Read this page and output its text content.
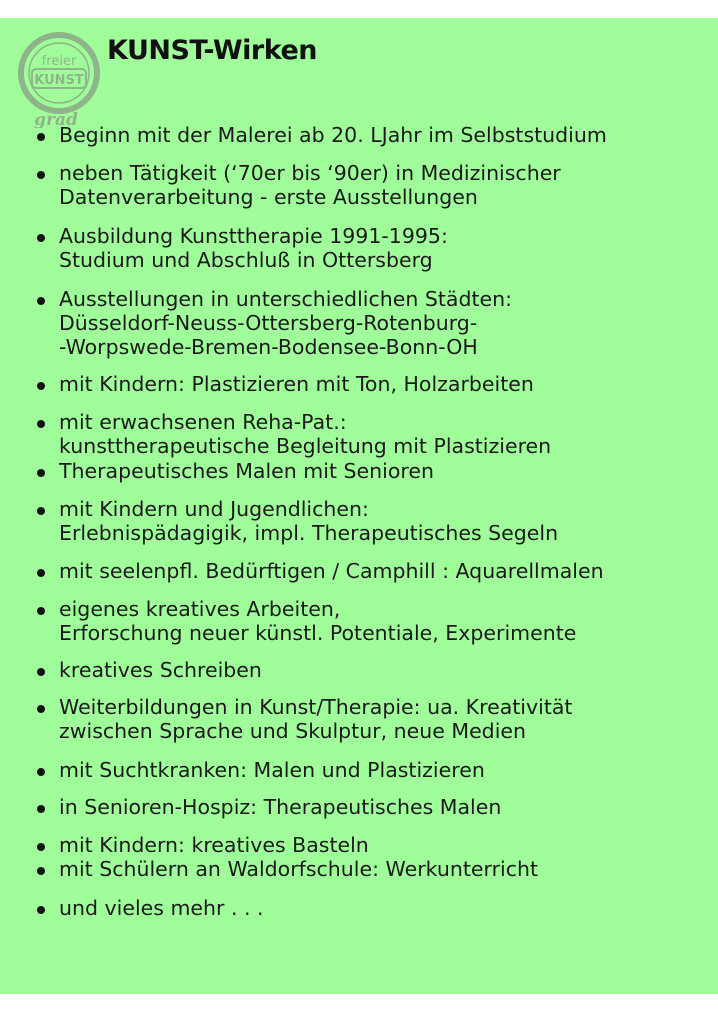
freier
KUNST
grad
KUNST-Wirken
Beginn mit der Malerei ab 20. LJahr im Selbststudium
neben Tätigkeit (‘70er bis ‘90er) in Medizinischer
Datenverarbeitung - erste Ausstellungen
Ausbildung Kunsttherapie 1991-1995:
Studium und Abschluß in Ottersberg
Ausstellungen in unterschiedlichen Städten:
Düsseldorf-Neuss-Ottersberg-Rotenburg-
-Worpswede-Bremen-Bodensee-Bonn-OH
mit Kindern: Plastizieren mit Ton, Holzarbeiten
mit erwachsenen Reha-Pat.:
kunsttherapeutische Begleitung mit Plastizieren
Therapeutisches Malen mit Senioren
mit Kindern und Jugendlichen:
Erlebnispädagigik, impl. Therapeutisches Segeln
mit seelenpfl. Bedürftigen / Camphill : Aquarellmalen
eigenes kreatives Arbeiten,
Erforschung neuer künstl. Potentiale, Experimente
kreatives Schreiben
Weiterbildungen in Kunst/Therapie: ua. Kreativität
zwischen Sprache und Skulptur, neue Medien
mit Suchtkranken: Malen und Plastizieren
in Senioren-Hospiz: Therapeutisches Malen
mit Kindern: kreatives Basteln
mit Schülern an Waldorfschule: Werkunterricht
und vieles mehr . . .
